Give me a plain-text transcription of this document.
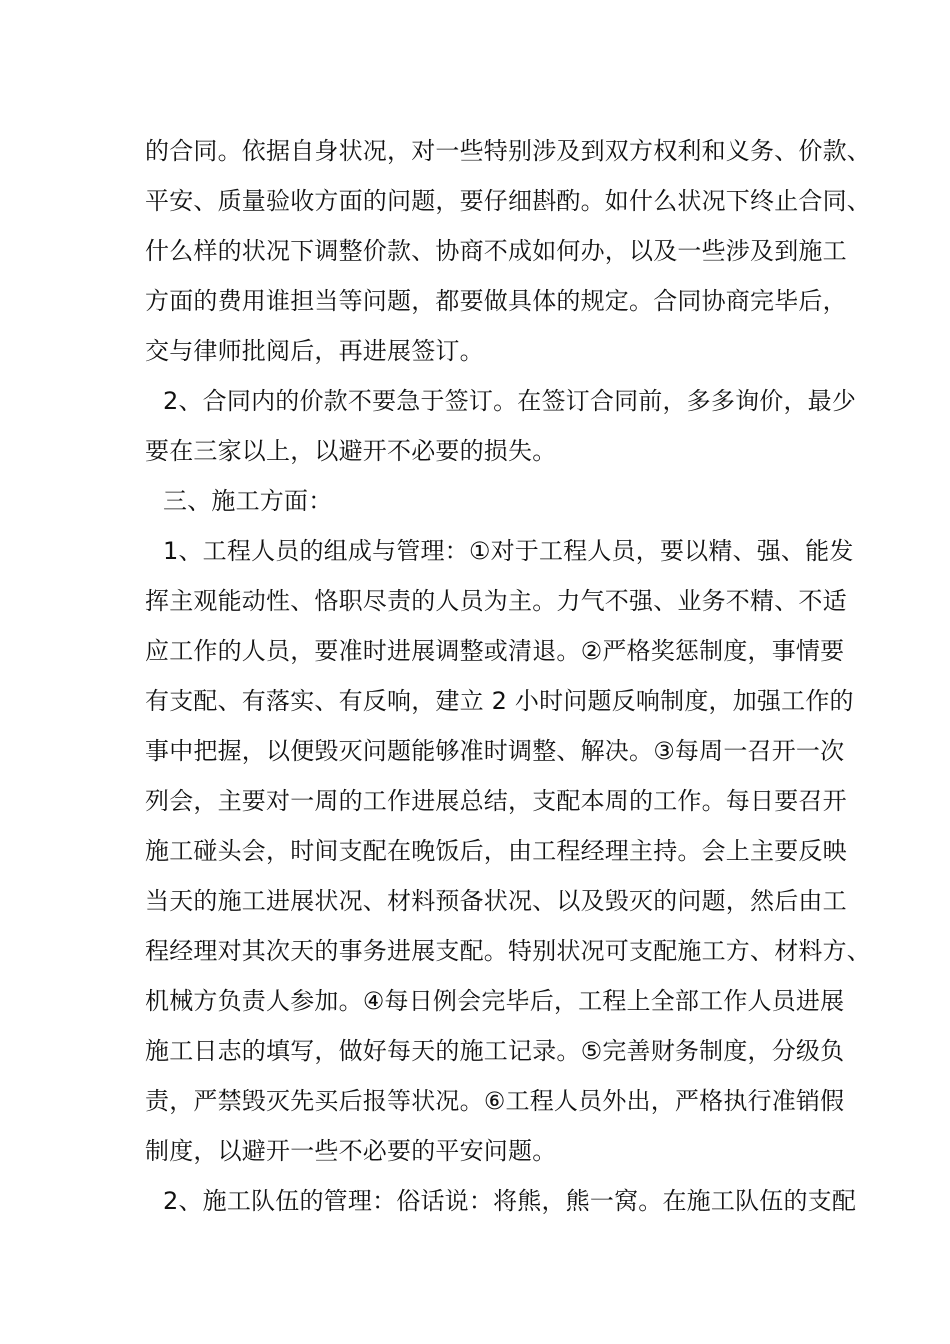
的合同。依据自身状况，对一些特别涉及到双方权利和义务、价款、
平安、质量验收方面的问题，要仔细斟酌。如什么状况下终止合同、
什么样的状况下调整价款、协商不成如何办，以及一些涉及到施工
方面的费用谁担当等问题，都要做具体的规定。合同协商完毕后，
交与律师批阅后，再进展签订。
2、合同内的价款不要急于签订。在签订合同前，多多询价，最少
要在三家以上，以避开不必要的损失。
三、施工方面：
1、工程人员的组成与管理：①对于工程人员，要以精、强、能发
挥主观能动性、恪职尽责的人员为主。力气不强、业务不精、不适
应工作的人员，要准时进展调整或清退。②严格奖惩制度，事情要
有支配、有落实、有反响，建立 2 小时问题反响制度，加强工作的
事中把握，以便毁灭问题能够准时调整、解决。③每周一召开一次
列会，主要对一周的工作进展总结，支配本周的工作。每日要召开
施工碰头会，时间支配在晚饭后，由工程经理主持。会上主要反映
当天的施工进展状况、材料预备状况、以及毁灭的问题，然后由工
程经理对其次天的事务进展支配。特别状况可支配施工方、材料方、
机械方负责人参加。④每日例会完毕后，工程上全部工作人员进展
施工日志的填写，做好每天的施工记录。⑤完善财务制度，分级负
责，严禁毁灭先买后报等状况。⑥工程人员外出，严格执行准销假
制度，以避开一些不必要的平安问题。
2、施工队伍的管理：俗话说：将熊，熊一窝。在施工队伍的支配
